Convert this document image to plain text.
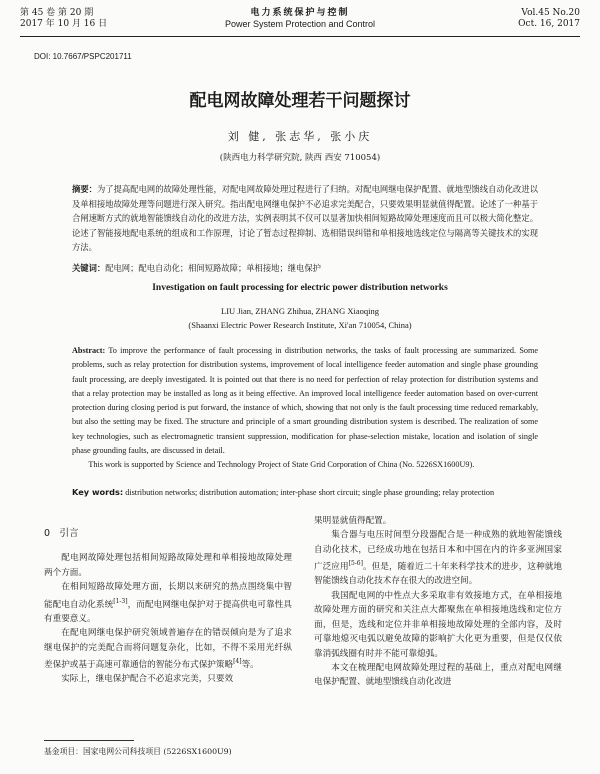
第 45 卷 第 20 期
2017 年 10 月 16 日
电力系统保护与控制
Power System Protection and Control
Vol.45 No.20
Oct. 16, 2017
DOI: 10.7667/PSPC201711
配电网故障处理若干问题探讨
刘 健, 张志华, 张小庆
(陕西电力科学研究院, 陕西 西安 710054)
摘要：为了提高配电网的故障处理性能，对配电网故障处理过程进行了归纳。对配电网继电保护配置、就地型馈线自动化改进以及单相接地故障处理等问题进行深入研究。指出配电网继电保护不必追求完美配合，只要效果明显就值得配置。论述了一种基于合闸速断方式的就地智能馈线自动化的改进方法，实例表明其不仅可以显著加快相间短路故障处理速度而且可以极大简化整定。论述了智能接地配电系统的组成和工作原理，讨论了暂态过程抑制、选相错误纠错和单相接地选线定位与隔离等关键技术的实现方法。
关键词：配电网；配电自动化；相间短路故障；单相接地；继电保护
Investigation on fault processing for electric power distribution networks
LIU Jian, ZHANG Zhihua, ZHANG Xiaoqing
(Shaanxi Electric Power Research Institute, Xi'an 710054, China)
Abstract: To improve the performance of fault processing in distribution networks, the tasks of fault processing are summarized. Some problems, such as relay protection for distribution systems, improvement of local intelligence feeder automation and single phase grounding fault processing, are deeply investigated. It is pointed out that there is no need for perfection of relay protection for distribution systems and that a relay protection may be installed as long as it being effective. An improved local intelligence feeder automation based on over-current protection during closing period is put forward, the instance of which, showing that not only is the fault processing time reduced remarkably, but also the setting may be fixed. The structure and principle of a smart grounding distribution system is described. The realization of some key technologies, such as electromagnetic transient suppression, modification for phase-selection mistake, location and isolation of single phase grounding faults, are discussed in detail.
This work is supported by Science and Technology Project of State Grid Corporation of China (No. 5226SX1600U9).
Key words: distribution networks; distribution automation; inter-phase short circuit; single phase grounding; relay protection
0　引言

配电网故障处理包括相间短路故障处理和单相接地故障处理两个方面。

在相间短路故障处理方面，长期以来研究的热点围绕集中智能配电自动化系统[1-3]，而配电网继电保护对于提高供电可靠性具有重要意义。

在配电网继电保护研究领域普遍存在的错误倾向是为了追求继电保护的完美配合而将问题复杂化，比如，不得不采用光纤纵差保护或基于高速可靠通信的智能分布式保护策略[4]等。

实际上，继电保护配合不必追求完美，只要效

果明显就值得配置。

集合器与电压时间型分段器配合是一种成熟的就地智能馈线自动化技术，已经成功地在包括日本和中国在内的许多亚洲国家广泛应用[5-6]。但是，随着近二十年来科学技术的进步，这种就地智能馈线自动化技术存在很大的改进空间。

我国配电网的中性点大多采取非有效接地方式，在单相接地故障处理方面的研究和关注点大都聚焦在单相接地选线和定位方面，但是，选线和定位并非单相接地故障处理的全部内容，及时可靠地熄灭电弧以避免故障的影响扩大化更为重要，但是仅仅依靠消弧线圈有时并不能可靠熄弧。

本文在梳理配电网故障处理过程的基础上，重点对配电网继电保护配置、就地型馈线自动化改进

基金项目：国家电网公司科技项目 (5226SX1600U9)
